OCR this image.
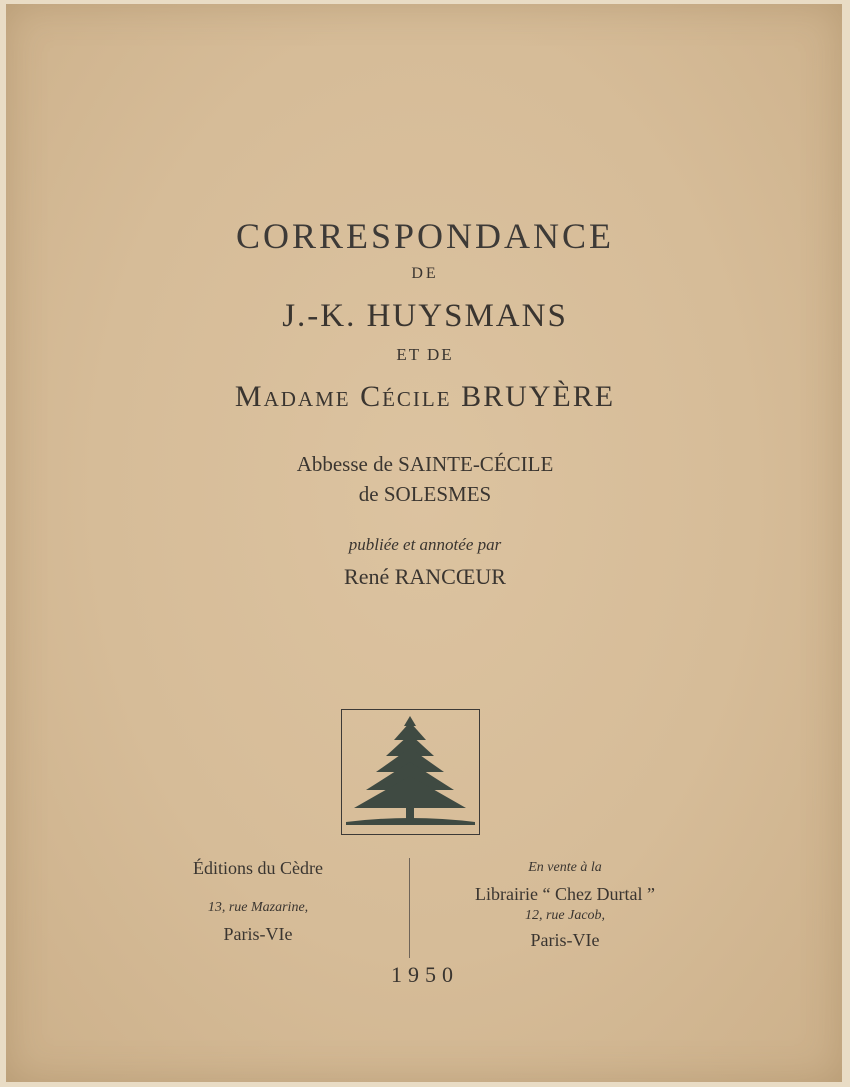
CORRESPONDANCE
DE
J.-K. HUYSMANS
ET DE
Madame Cécile BRUYÈRE
Abbesse de SAINTE-CÉCILE
de SOLESMES
publiée et annotée par
René RANCŒUR
Éditions du Cèdre
13, rue Mazarine,
Paris-VIe
En vente à la
Librairie “ Chez Durtal ”
12, rue Jacob,
Paris-VIe
1950
